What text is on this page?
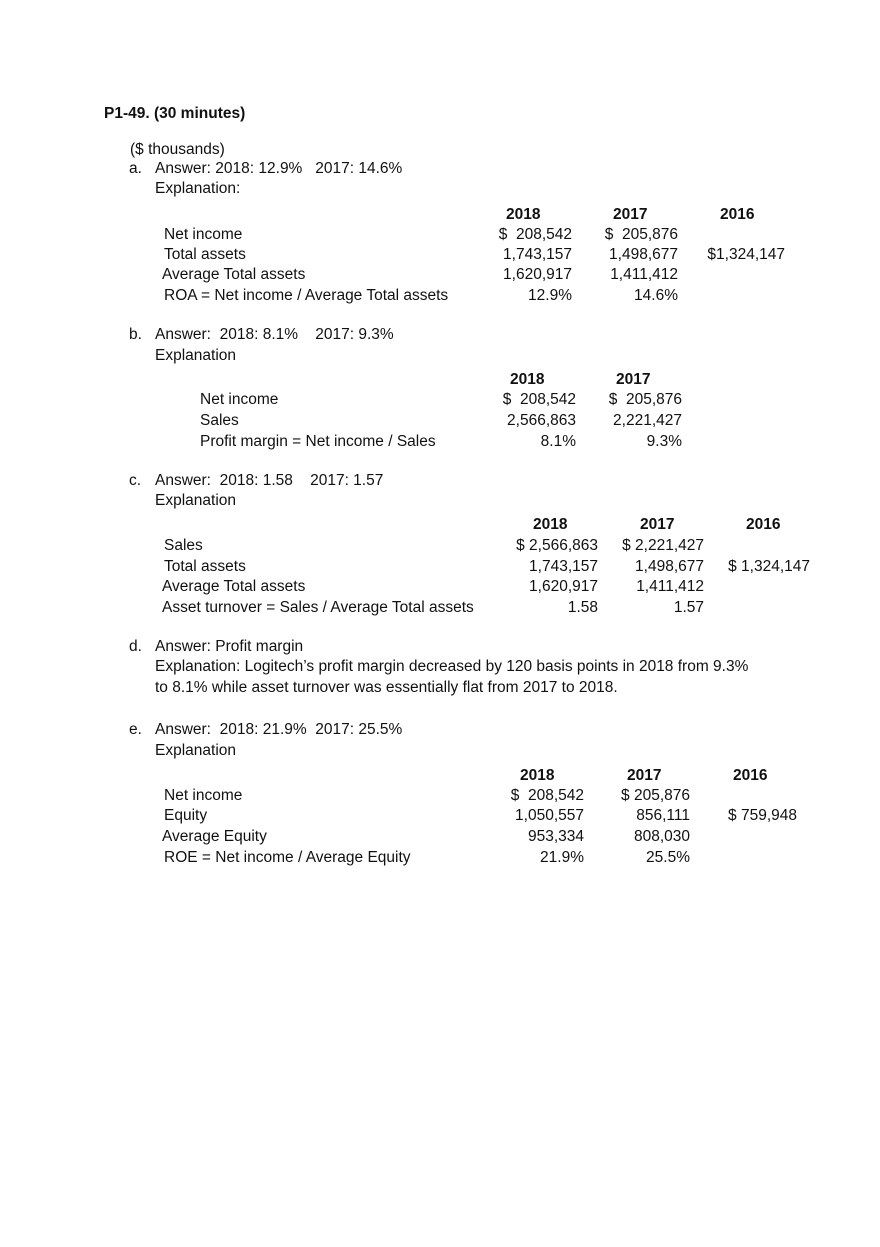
P1-49. (30 minutes)
($ thousands)
a. Answer: 2018: 12.9%   2017: 14.6%
Explanation:
2018	2017	2016
Net income	$  208,542	$  205,876
Total assets	1,743,157	1,498,677	$1,324,147
Average Total assets	1,620,917	1,411,412
ROA = Net income / Average Total assets	12.9%	14.6%
b. Answer:  2018: 8.1%    2017: 9.3%
Explanation
2018	2017
Net income	$  208,542	$  205,876
Sales	2,566,863	2,221,427
Profit margin = Net income / Sales	8.1%	9.3%
c. Answer:  2018: 1.58    2017: 1.57
Explanation
2018	2017	2016
Sales	$ 2,566,863	$ 2,221,427
Total assets	1,743,157	1,498,677	$ 1,324,147
Average Total assets	1,620,917	1,411,412
Asset turnover = Sales / Average Total assets	1.58	1.57
d. Answer: Profit margin
Explanation: Logitech’s profit margin decreased by 120 basis points in 2018 from 9.3%
to 8.1% while asset turnover was essentially flat from 2017 to 2018.
e. Answer:  2018: 21.9%  2017: 25.5%
Explanation
2018	2017	2016
Net income	$  208,542	$ 205,876
Equity	1,050,557	856,111	$ 759,948
Average Equity	953,334	808,030
ROE = Net income / Average Equity	21.9%	25.5%
